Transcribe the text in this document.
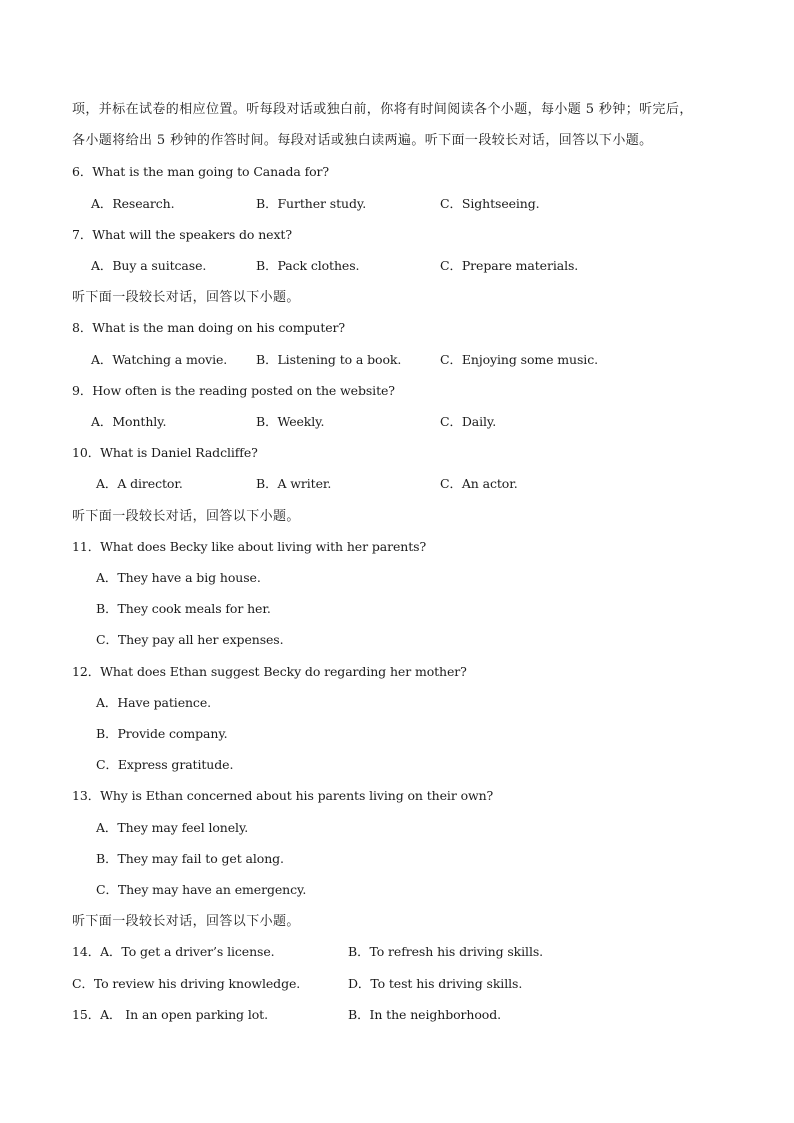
项，并标在试卷的相应位置。听每段对话或独白前，你将有时间阅读各个小题，每小题 5 秒钟；听完后，
各小题将给出 5 秒钟的作答时间。每段对话或独白读两遍。听下面一段较长对话，回答以下小题。
6．What is the man going to Canada for?
A．Research.	B．Further study.	C．Sightseeing.
7．What will the speakers do next?
A．Buy a suitcase.	B．Pack clothes.	C．Prepare materials.
听下面一段较长对话，回答以下小题。
8．What is the man doing on his computer?
A．Watching a movie. B．Listening to a book.	C．Enjoying some music.
9．How often is the reading posted on the website?
A．Monthly.	B．Weekly.	C．Daily.
10．What is Daniel Radcliffe?
A．A director.	B．A writer.	C．An actor.
听下面一段较长对话，回答以下小题。
11．What does Becky like about living with her parents?
A．They have a big house.
B．They cook meals for her.
C．They pay all her expenses.
12．What does Ethan suggest Becky do regarding her mother?
A．Have patience.
B．Provide company.
C．Express gratitude.
13．Why is Ethan concerned about his parents living on their own?
A．They may feel lonely.
B．They may fail to get along.
C．They may have an emergency.
听下面一段较长对话，回答以下小题。
14．A．To get a driver’s license.	B．To refresh his driving skills.
C．To review his driving knowledge.	D．To test his driving skills.
15．A． In an open parking lot.	B．In the neighborhood.
